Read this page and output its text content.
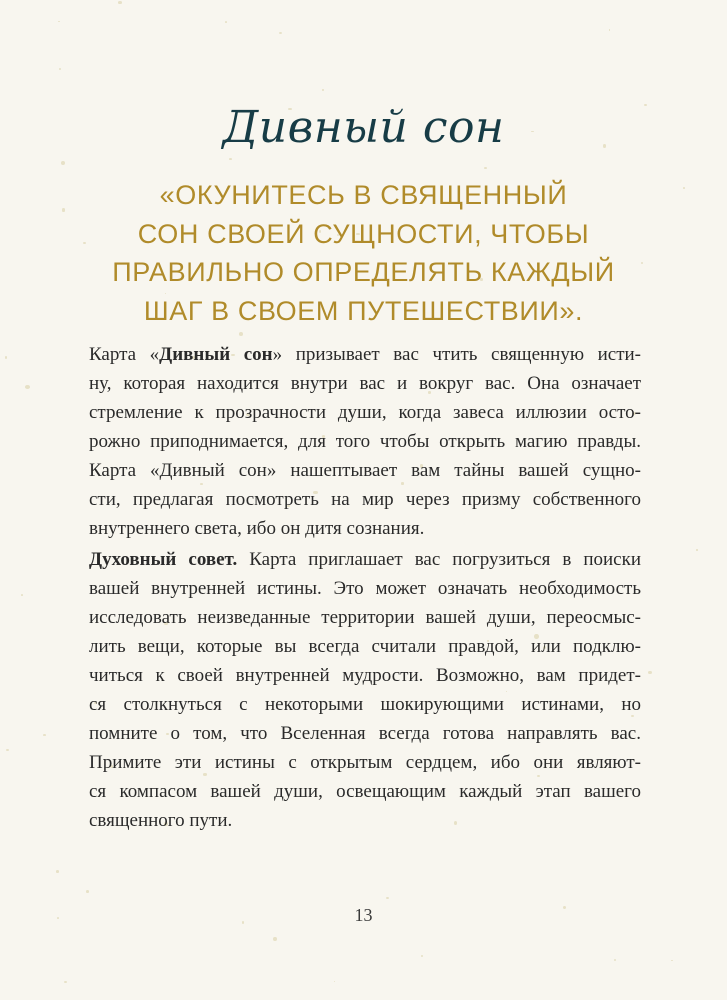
Дивный сон
«ОКУНИТЕСЬ В СВЯЩЕННЫЙ
СОН СВОЕЙ СУЩНОСТИ, ЧТОБЫ
ПРАВИЛЬНО ОПРЕДЕЛЯТЬ КАЖДЫЙ
ШАГ В СВОЕМ ПУТЕШЕСТВИИ».
Карта «Дивный сон» призывает вас чтить священную исти-
ну, которая находится внутри вас и вокруг вас. Она означает
стремление к прозрачности души, когда завеса иллюзии осто-
рожно приподнимается, для того чтобы открыть магию правды.
Карта «Дивный сон» нашептывает вам тайны вашей сущно-
сти, предлагая посмотреть на мир через призму собственного
внутреннего света, ибо он дитя сознания.
Духовный совет. Карта приглашает вас погрузиться в поиски
вашей внутренней истины. Это может означать необходимость
исследовать неизведанные территории вашей души, переосмыс-
лить вещи, которые вы всегда считали правдой, или подклю-
читься к своей внутренней мудрости. Возможно, вам придет-
ся столкнуться с некоторыми шокирующими истинами, но
помните о том, что Вселенная всегда готова направлять вас.
Примите эти истины с открытым сердцем, ибо они являют-
ся компасом вашей души, освещающим каждый этап вашего
священного пути.
13
